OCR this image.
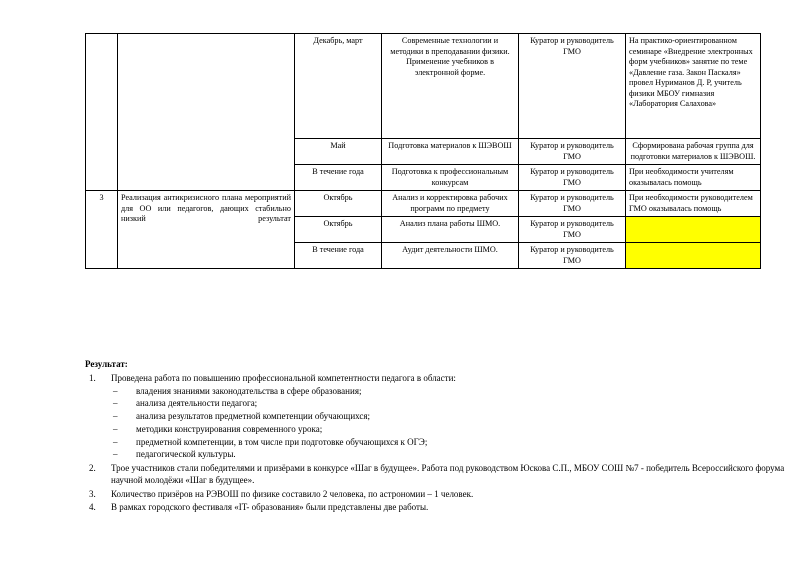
		Декабрь, март	Современные технологии и методики в преподавании физики. Применение учебников в электронной форме.	Куратор и руководитель ГМО	На практико-ориентированном семинаре «Внедрение электронных форм учебников» занятие по теме «Давление газа. Закон Паскаля» провел Нуриманов Д. Р, учитель физики МБОУ гимназия «Лаборатория Салахова»
		Май	Подготовка материалов к ШЭВОШ	Куратор и руководитель ГМО	Сформирована рабочая группа для подготовки материалов к ШЭВОШ.
		В течение года	Подготовка к профессиональным конкурсам	Куратор и руководитель ГМО	При необходимости учителям оказывалась помощь
3	Реализация антикризисного плана мероприятий для ОО или педагогов, дающих стабильно низкий результат	Октябрь	Анализ и корректировка рабочих программ по предмету	Куратор и руководитель ГМО	При необходимости руководителем ГМО оказывалась помощь
		Октябрь	Анализ плана работы ШМО.	Куратор и руководитель ГМО	
		В течение года	Аудит деятельности ШМО.	Куратор и руководитель ГМО	
Результат:
1.	Проведена работа по повышению профессиональной компетентности педагога в области:
– владения знаниями законодательства в сфере образования;
– анализа деятельности педагога;
– анализа результатов предметной компетенции обучающихся;
– методики конструирования современного урока;
– предметной компетенции, в том числе при подготовке обучающихся к ОГЭ;
– педагогической культуры.
2.	Трое участников стали победителями и призёрами в конкурсе «Шаг в будущее». Работа под руководством Юскова С.П., МБОУ СОШ №7 - победитель Всероссийского форума научной молодёжи «Шаг в будущее».
3.	Количество призёров на РЭВОШ по физике составило 2 человека, по астрономии – 1 человек.
4.	В рамках городского фестиваля «IT- образования» были представлены две работы.
